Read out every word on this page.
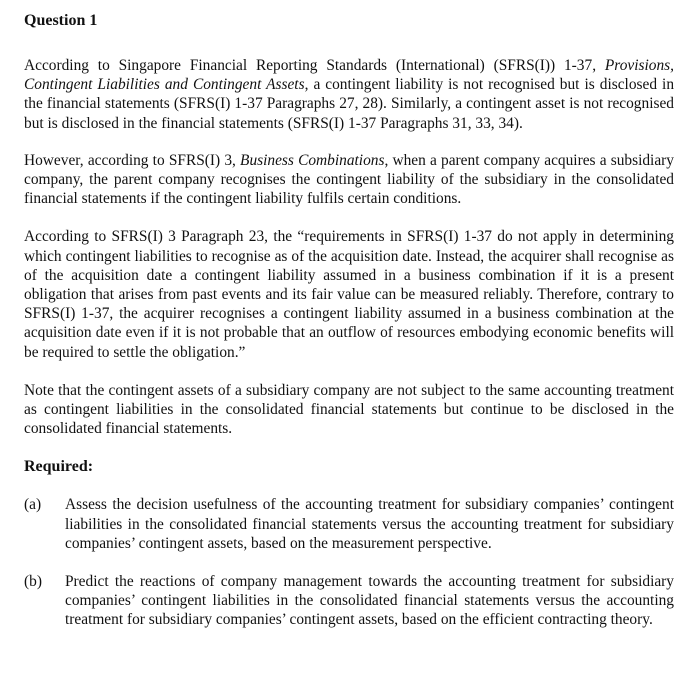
Question 1

According to Singapore Financial Reporting Standards (International) (SFRS(I)) 1-37, Provisions, Contingent Liabilities and Contingent Assets, a contingent liability is not recognised but is disclosed in the financial statements (SFRS(I) 1-37 Paragraphs 27, 28). Similarly, a contingent asset is not recognised but is disclosed in the financial statements (SFRS(I) 1-37 Paragraphs 31, 33, 34).

However, according to SFRS(I) 3, Business Combinations, when a parent company acquires a subsidiary company, the parent company recognises the contingent liability of the subsidiary in the consolidated financial statements if the contingent liability fulfils certain conditions.

According to SFRS(I) 3 Paragraph 23, the “requirements in SFRS(I) 1-37 do not apply in determining which contingent liabilities to recognise as of the acquisition date. Instead, the acquirer shall recognise as of the acquisition date a contingent liability assumed in a business combination if it is a present obligation that arises from past events and its fair value can be measured reliably. Therefore, contrary to SFRS(I) 1-37, the acquirer recognises a contingent liability assumed in a business combination at the acquisition date even if it is not probable that an outflow of resources embodying economic benefits will be required to settle the obligation.”

Note that the contingent assets of a subsidiary company are not subject to the same accounting treatment as contingent liabilities in the consolidated financial statements but continue to be disclosed in the consolidated financial statements.

Required:
(a)	Assess the decision usefulness of the accounting treatment for subsidiary companies’ contingent liabilities in the consolidated financial statements versus the accounting treatment for subsidiary companies’ contingent assets, based on the measurement perspective.
(b)	Predict the reactions of company management towards the accounting treatment for subsidiary companies’ contingent liabilities in the consolidated financial statements versus the accounting treatment for subsidiary companies’ contingent assets, based on the efficient contracting theory.
